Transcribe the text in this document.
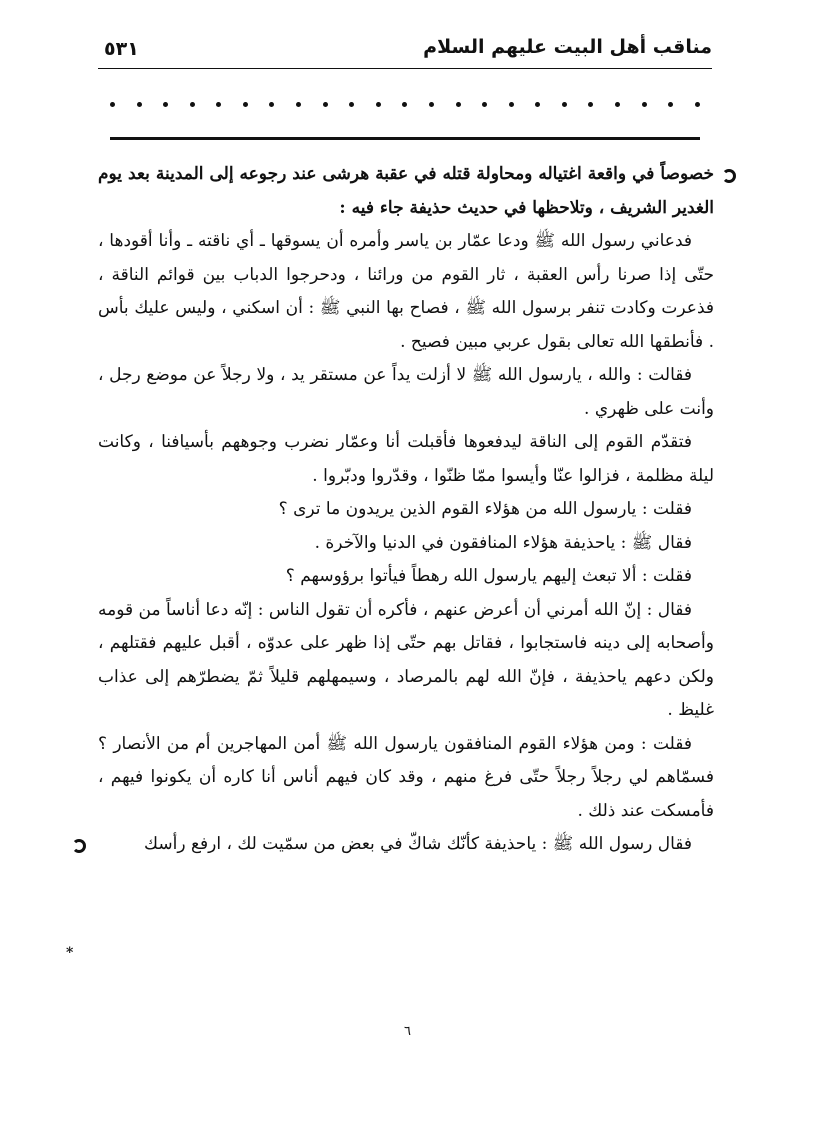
مناقب أهل البيت عليهم السلام
٥٣١

خصوصاً في واقعة اغتياله ومحاولة قتله في عقبة هرشى عند رجوعه إلى المدينة بعد يوم الغدير الشريف ، وتلاحظها في حديث حذيفة جاء فيه :

فدعاني رسول الله ﷺ ودعا عمّار بن ياسر وأمره أن يسوقها ـ أي ناقته ـ وأنا أقودها ، حتّى إذا صرنا رأس العقبة ، ثار القوم من ورائنا ، ودحرجوا الدباب بين قوائم الناقة ، فذعرت وكادت تنفر برسول الله ﷺ ، فصاح بها النبي ﷺ : أن اسكني ، وليس عليك بأس . فأنطقها الله تعالى بقول عربي مبين فصيح .

فقالت : والله ، يارسول الله ﷺ لا أزلت يداً عن مستقر يد ، ولا رجلاً عن موضع رجل ، وأنت على ظهري .

فتقدّم القوم إلى الناقة ليدفعوها فأقبلت أنا وعمّار نضرب وجوههم بأسيافنا ، وكانت ليلة مظلمة ، فزالوا عنّا وأيسوا ممّا ظنّوا ، وقدّروا ودبّروا .

فقلت : يارسول الله من هؤلاء القوم الذين يريدون ما ترى ؟

فقال ﷺ : ياحذيفة هؤلاء المنافقون في الدنيا والآخرة .

فقلت : ألا تبعث إليهم يارسول الله رهطاً فيأتوا برؤوسهم ؟

فقال : إنّ الله أمرني أن أعرض عنهم ، فأكره أن تقول الناس : إنّه دعا أناساً من قومه وأصحابه إلى دينه فاستجابوا ، فقاتل بهم حتّى إذا ظهر على عدوّه ، أقبل عليهم فقتلهم ، ولكن دعهم ياحذيفة ، فإنّ الله لهم بالمرصاد ، وسيمهلهم قليلاً ثمّ يضطرّهم إلى عذاب غليظ .

فقلت : ومن هؤلاء القوم المنافقون يارسول الله ﷺ أمن المهاجرين أم من الأنصار ؟ فسمّاهم لي رجلاً رجلاً حتّى فرغ منهم ، وقد كان فيهم أناس أنا كاره أن يكونوا فيهم ، فأمسكت عند ذلك .

فقال رسول الله ﷺ : ياحذيفة كأنّك شاكّ في بعض من سمّيت لك ، ارفع رأسك

*
٦
